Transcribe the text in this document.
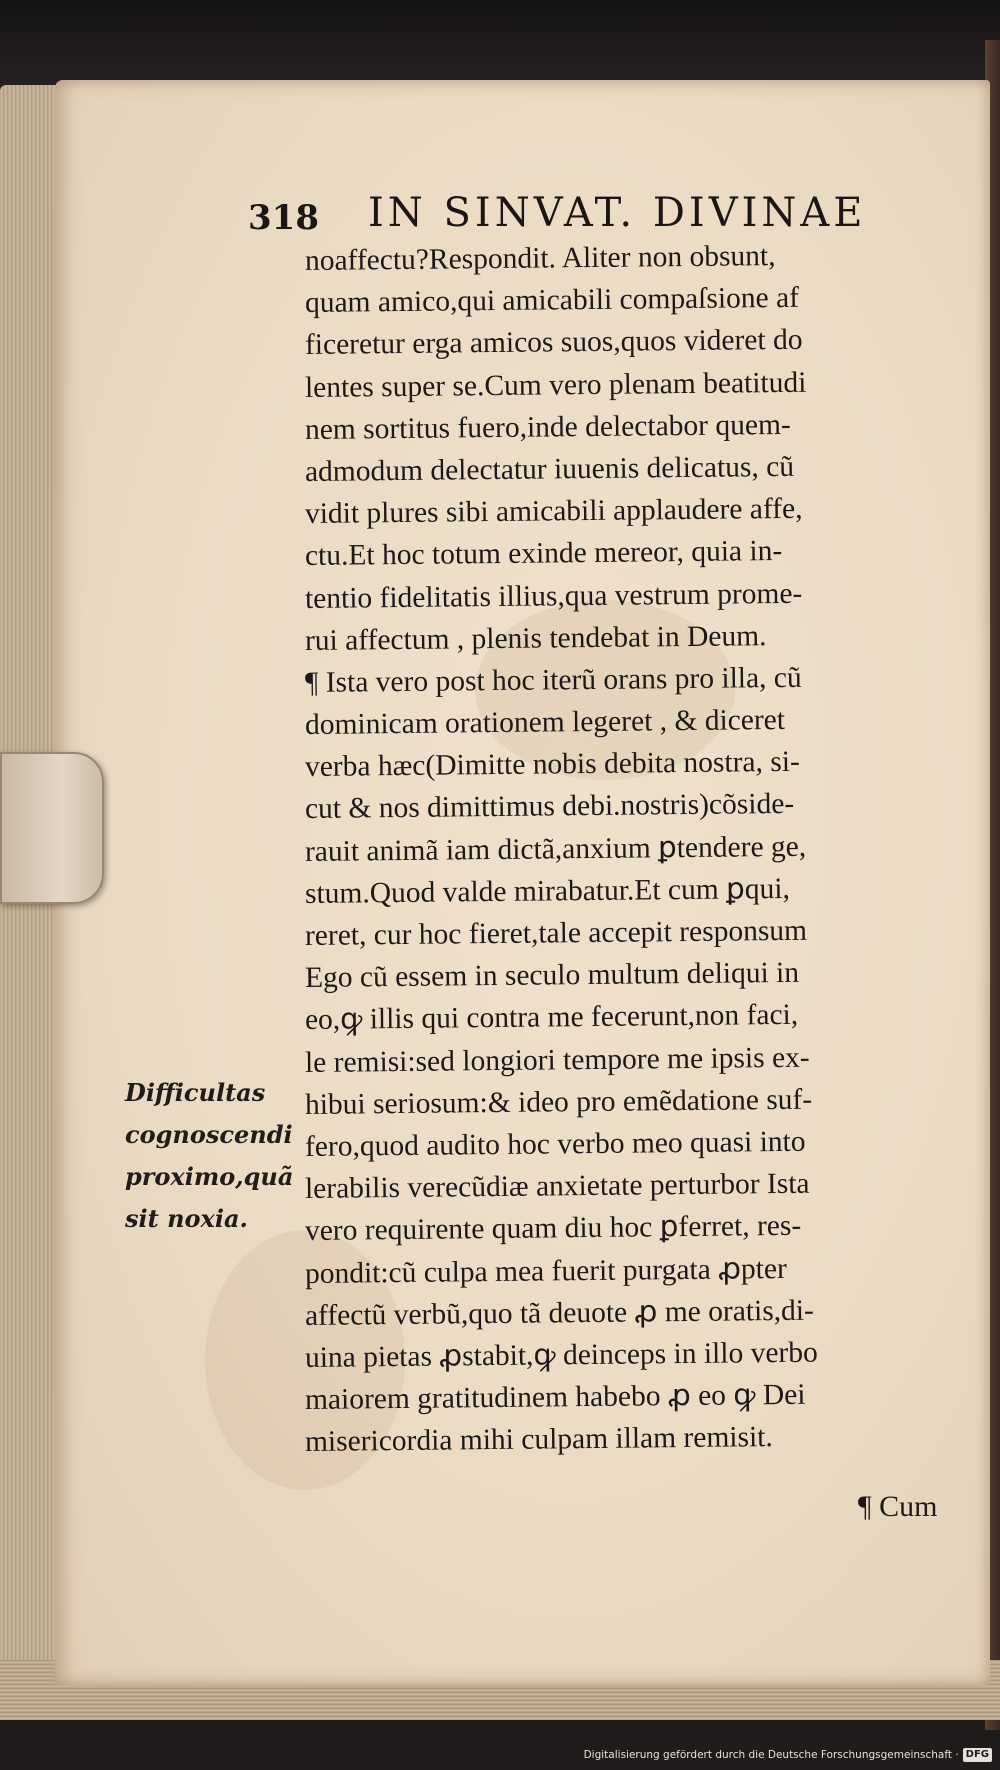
318 IN SINVAT. DIVINAE
noaffectu?Respondit. Aliter non obsunt,
quam amico,qui amicabili compaſsione af
ficeretur erga amicos suos,quos videret do
lentes super se.Cum vero plenam beatitudi
nem sortitus fuero,inde delectabor quem-
admodum delectatur iuuenis delicatus, cũ
vidit plures sibi amicabili applaudere affe,
ctu.Et hoc totum exinde mereor, quia in-
tentio fidelitatis illius,qua vestrum prome-
rui affectum , plenis tendebat in Deum.
¶ Ista vero post hoc iterũ orans pro illa, cũ
dominicam orationem legeret , & diceret
verba hæc(Dimitte nobis debita nostra, si-
cut & nos dimittimus debi.nostris)cõside-
rauit animã iam dictã,anxium ꝑtendere ge,
stum.Quod valde mirabatur.Et cum ꝑqui,
reret, cur hoc fieret,tale accepit responsum
Ego cũ essem in seculo multum deliqui in
eo,ꝙ illis qui contra me fecerunt,non faci,
le remisi:sed longiori tempore me ipsis ex-
hibui seriosum:& ideo pro emẽdatione suf-
fero,quod audito hoc verbo meo quasi into
lerabilis verecũdiæ anxietate perturbor Ista
vero requirente quam diu hoc ꝑferret, res-
pondit:cũ culpa mea fuerit purgata ꝓpter
affectũ verbũ,quo tã deuote ꝓ me oratis,di-
uina pietas ꝓstabit,ꝙ deinceps in illo verbo
maiorem gratitudinem habebo ꝓ eo ꝙ Dei
misericordia mihi culpam illam remisit.
Difficultas
cognoscendi
proximo,quã
sit noxia.
¶ Cum
Digitalisierung gefördert durch die Deutsche Forschungsgemeinschaft · DFG
